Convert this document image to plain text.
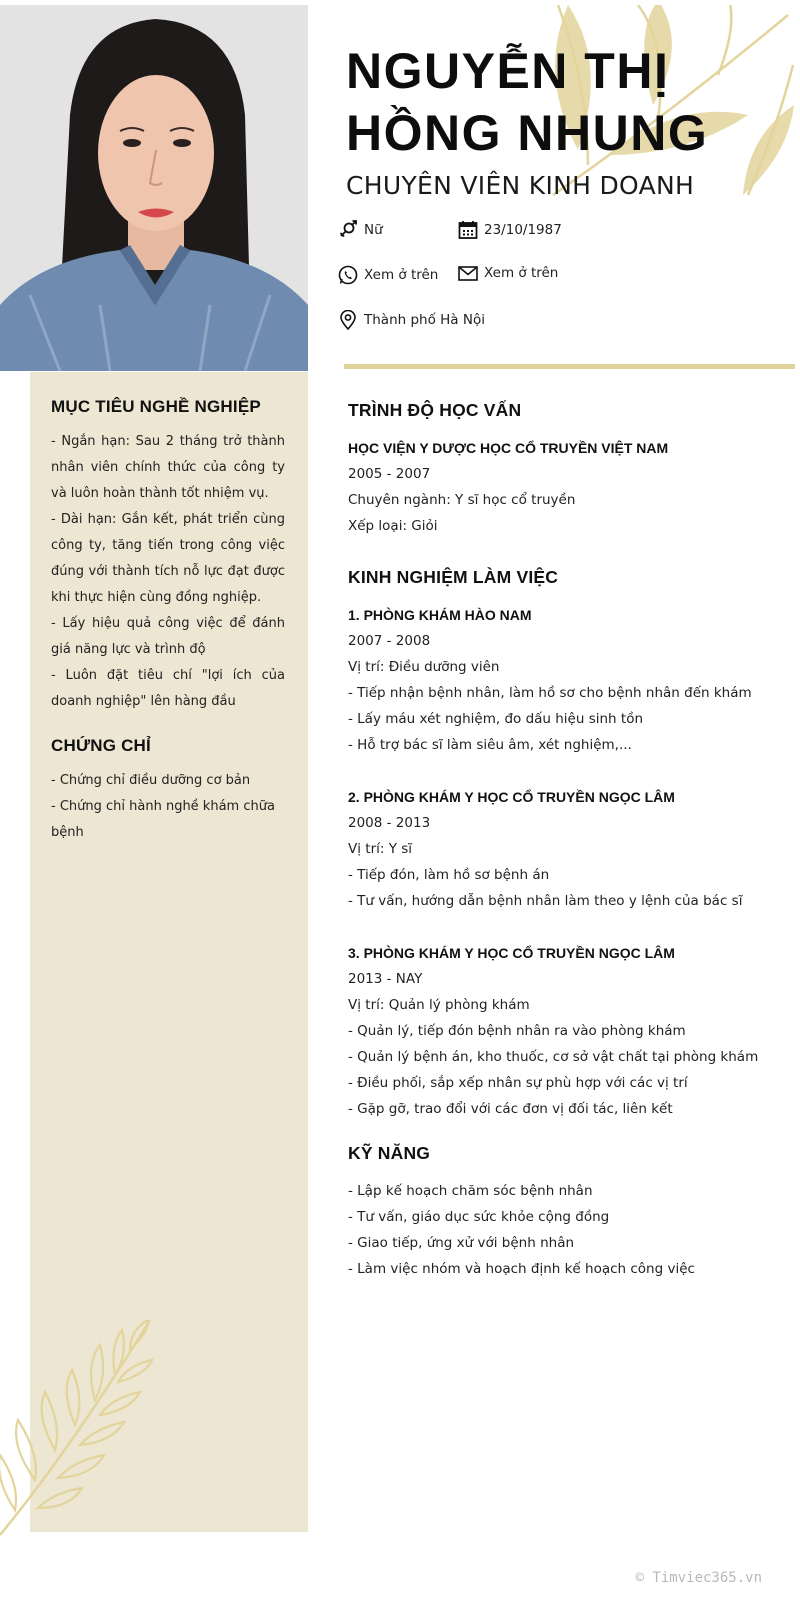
NGUYỄN THỊ
HỒNG NHUNG
CHUYÊN VIÊN KINH DOANH
Nữ	23/10/1987
Xem ở trên	Xem ở trên
Thành phố Hà Nội
MỤC TIÊU NGHỀ NGHIỆP

- Ngắn hạn: Sau 2 tháng trở thành nhân viên chính thức của công ty và luôn hoàn thành tốt nhiệm vụ.

- Dài hạn: Gắn kết, phát triển cùng công ty, tăng tiến trong công việc đúng với thành tích nỗ lực đạt được khi thực hiện cùng đồng nghiệp.

- Lấy hiệu quả công việc để đánh giá năng lực và trình độ

- Luôn đặt tiêu chí "lợi ích của doanh nghiệp" lên hàng đầu

CHỨNG CHỈ

- Chứng chỉ điều dưỡng cơ bản

- Chứng chỉ hành nghề khám chữa bệnh

TRÌNH ĐỘ HỌC VẤN
HỌC VIỆN Y DƯỢC HỌC CỔ TRUYỀN VIỆT NAM
2005 - 2007
Chuyên ngành: Y sĩ học cổ truyền
Xếp loại: Giỏi
KINH NGHIỆM LÀM VIỆC
1. PHÒNG KHÁM HÀO NAM
2007 - 2008
Vị trí: Điều dưỡng viên
- Tiếp nhận bệnh nhân, làm hồ sơ cho bệnh nhân đến khám
- Lấy máu xét nghiệm, đo dấu hiệu sinh tồn
- Hỗ trợ bác sĩ làm siêu âm, xét nghiệm,...
2. PHÒNG KHÁM Y HỌC CỔ TRUYỀN NGỌC LÂM
2008 - 2013
Vị trí: Y sĩ
- Tiếp đón, làm hồ sơ bệnh án
- Tư vấn, hướng dẫn bệnh nhân làm theo y lệnh của bác sĩ
3. PHÒNG KHÁM Y HỌC CỔ TRUYỀN NGỌC LÂM
2013 - NAY
Vị trí: Quản lý phòng khám
- Quản lý, tiếp đón bệnh nhân ra vào phòng khám
- Quản lý bệnh án, kho thuốc, cơ sở vật chất tại phòng khám
- Điều phối, sắp xếp nhân sự phù hợp với các vị trí
- Gặp gỡ, trao đổi với các đơn vị đối tác, liên kết
KỸ NĂNG
- Lập kế hoạch chăm sóc bệnh nhân
- Tư vấn, giáo dục sức khỏe cộng đồng
- Giao tiếp, ứng xử với bệnh nhân
- Làm việc nhóm và hoạch định kế hoạch công việc
© Timviec365.vn
